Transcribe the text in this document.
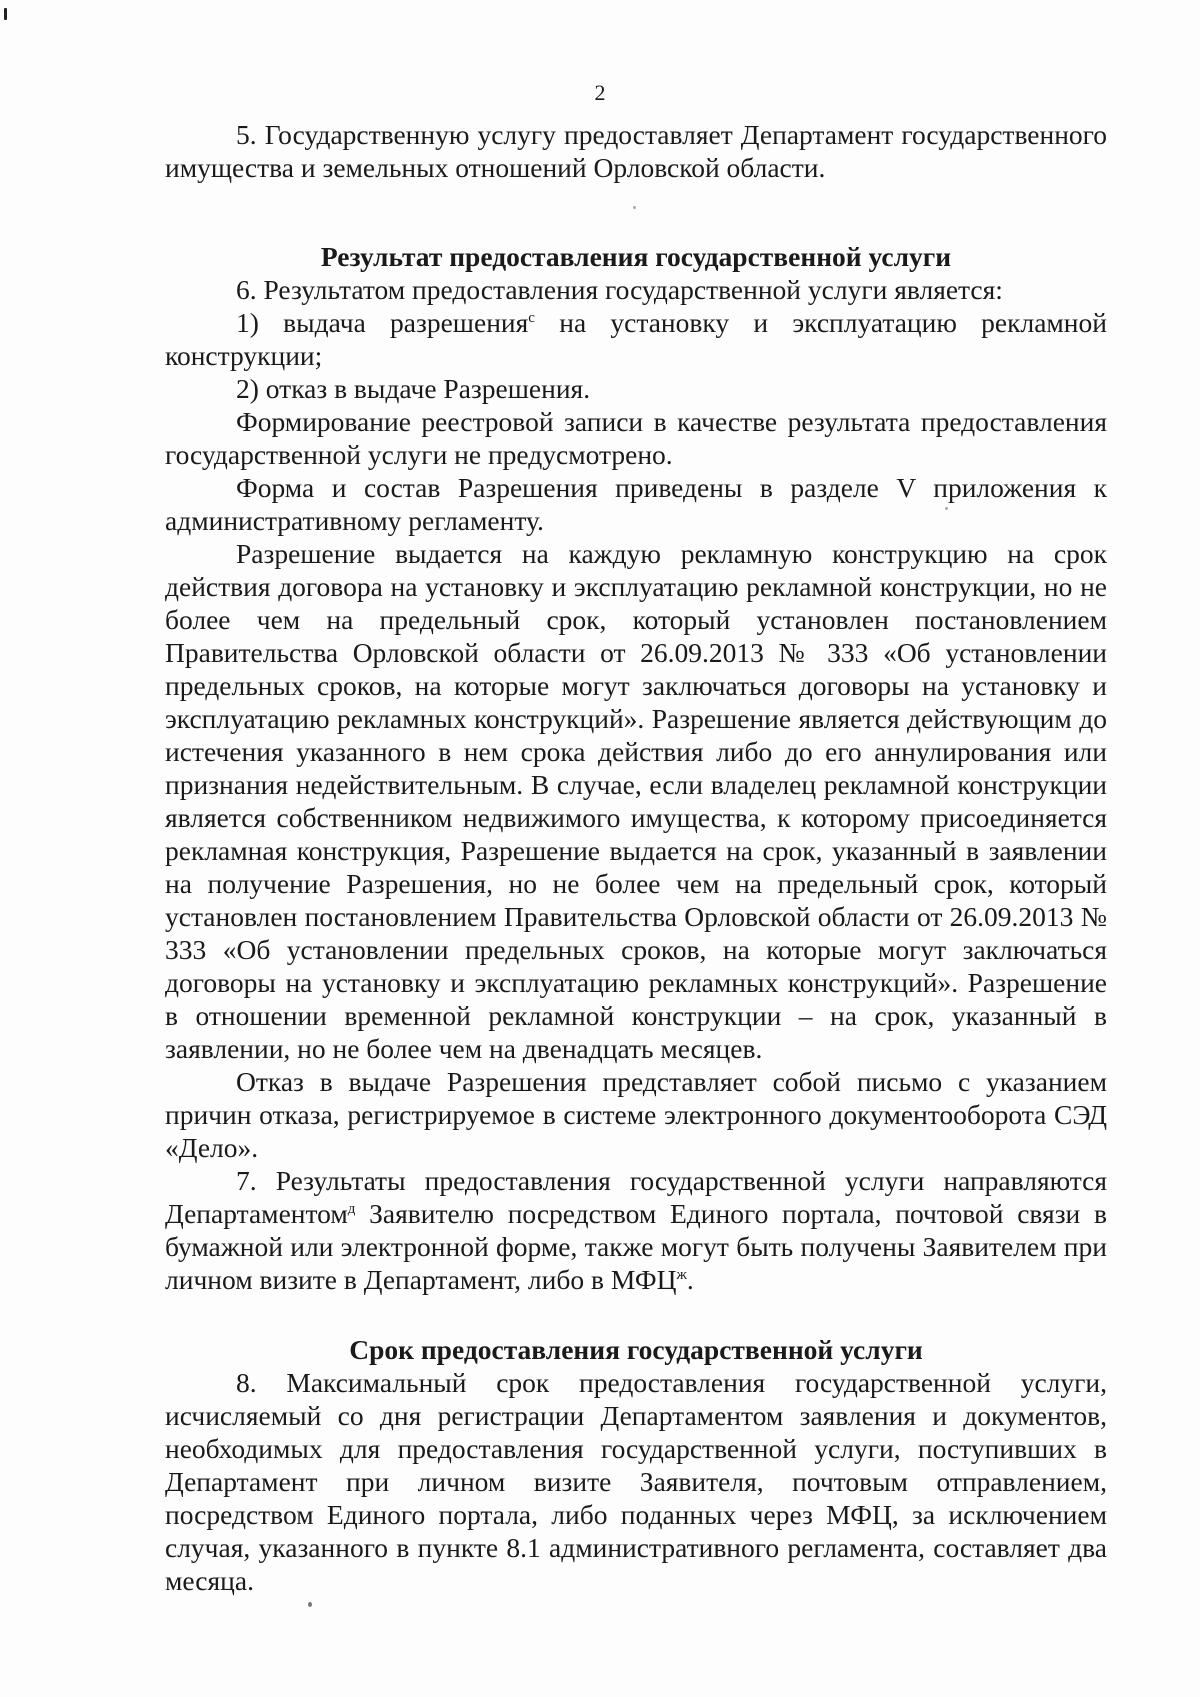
2

5. Государственную услугу предоставляет Департамент государственного имущества и земельных отношений Орловской области.

Результат предоставления государственной услуги

6. Результатом предоставления государственной услуги является:

1) выдача разрешения$^с$ на установку и эксплуатацию рекламной конструкции;

2) отказ в выдаче Разрешения.

Формирование реестровой записи в качестве результата предоставления государственной услуги не предусмотрено.

Форма и состав Разрешения приведены в разделе V приложения к административному регламенту.

Разрешение выдается на каждую рекламную конструкцию на срок действия договора на установку и эксплуатацию рекламной конструкции, но не более чем на предельный срок, который установлен постановлением Правительства Орловской области от 26.09.2013 № 333 «Об установлении предельных сроков, на которые могут заключаться договоры на установку и эксплуатацию рекламных конструкций». Разрешение является действующим до истечения указанного в нем срока действия либо до его аннулирования или признания недействительным. В случае, если владелец рекламной конструкции является собственником недвижимого имущества, к которому присоединяется рекламная конструкция, Разрешение выдается на срок, указанный в заявлении на получение Разрешения, но не более чем на предельный срок, который установлен постановлением Правительства Орловской области от 26.09.2013 № 333 «Об установлении предельных сроков, на которые могут заключаться договоры на установку и эксплуатацию рекламных конструкций». Разрешение в отношении временной рекламной конструкции – на срок, указанный в заявлении, но не более чем на двенадцать месяцев.

Отказ в выдаче Разрешения представляет собой письмо с указанием причин отказа, регистрируемое в системе электронного документооборота СЭД «Дело».

7. Результаты предоставления государственной услуги направляются Департаментом$^д$ Заявителю посредством Единого портала, почтовой связи в бумажной или электронной форме, также могут быть получены Заявителем при личном визите в Департамент, либо в $МФЦ^ж$.

Срок предоставления государственной услуги

8. Максимальный срок предоставления государственной услуги, исчисляемый со дня регистрации Департаментом заявления и документов, необходимых для предоставления государственной услуги, поступивших в Департамент при личном визите Заявителя, почтовым отправлением, посредством Единого портала, либо поданных через МФЦ, за исключением случая, указанного в пункте 8.1 административного регламента, составляет два месяца.
